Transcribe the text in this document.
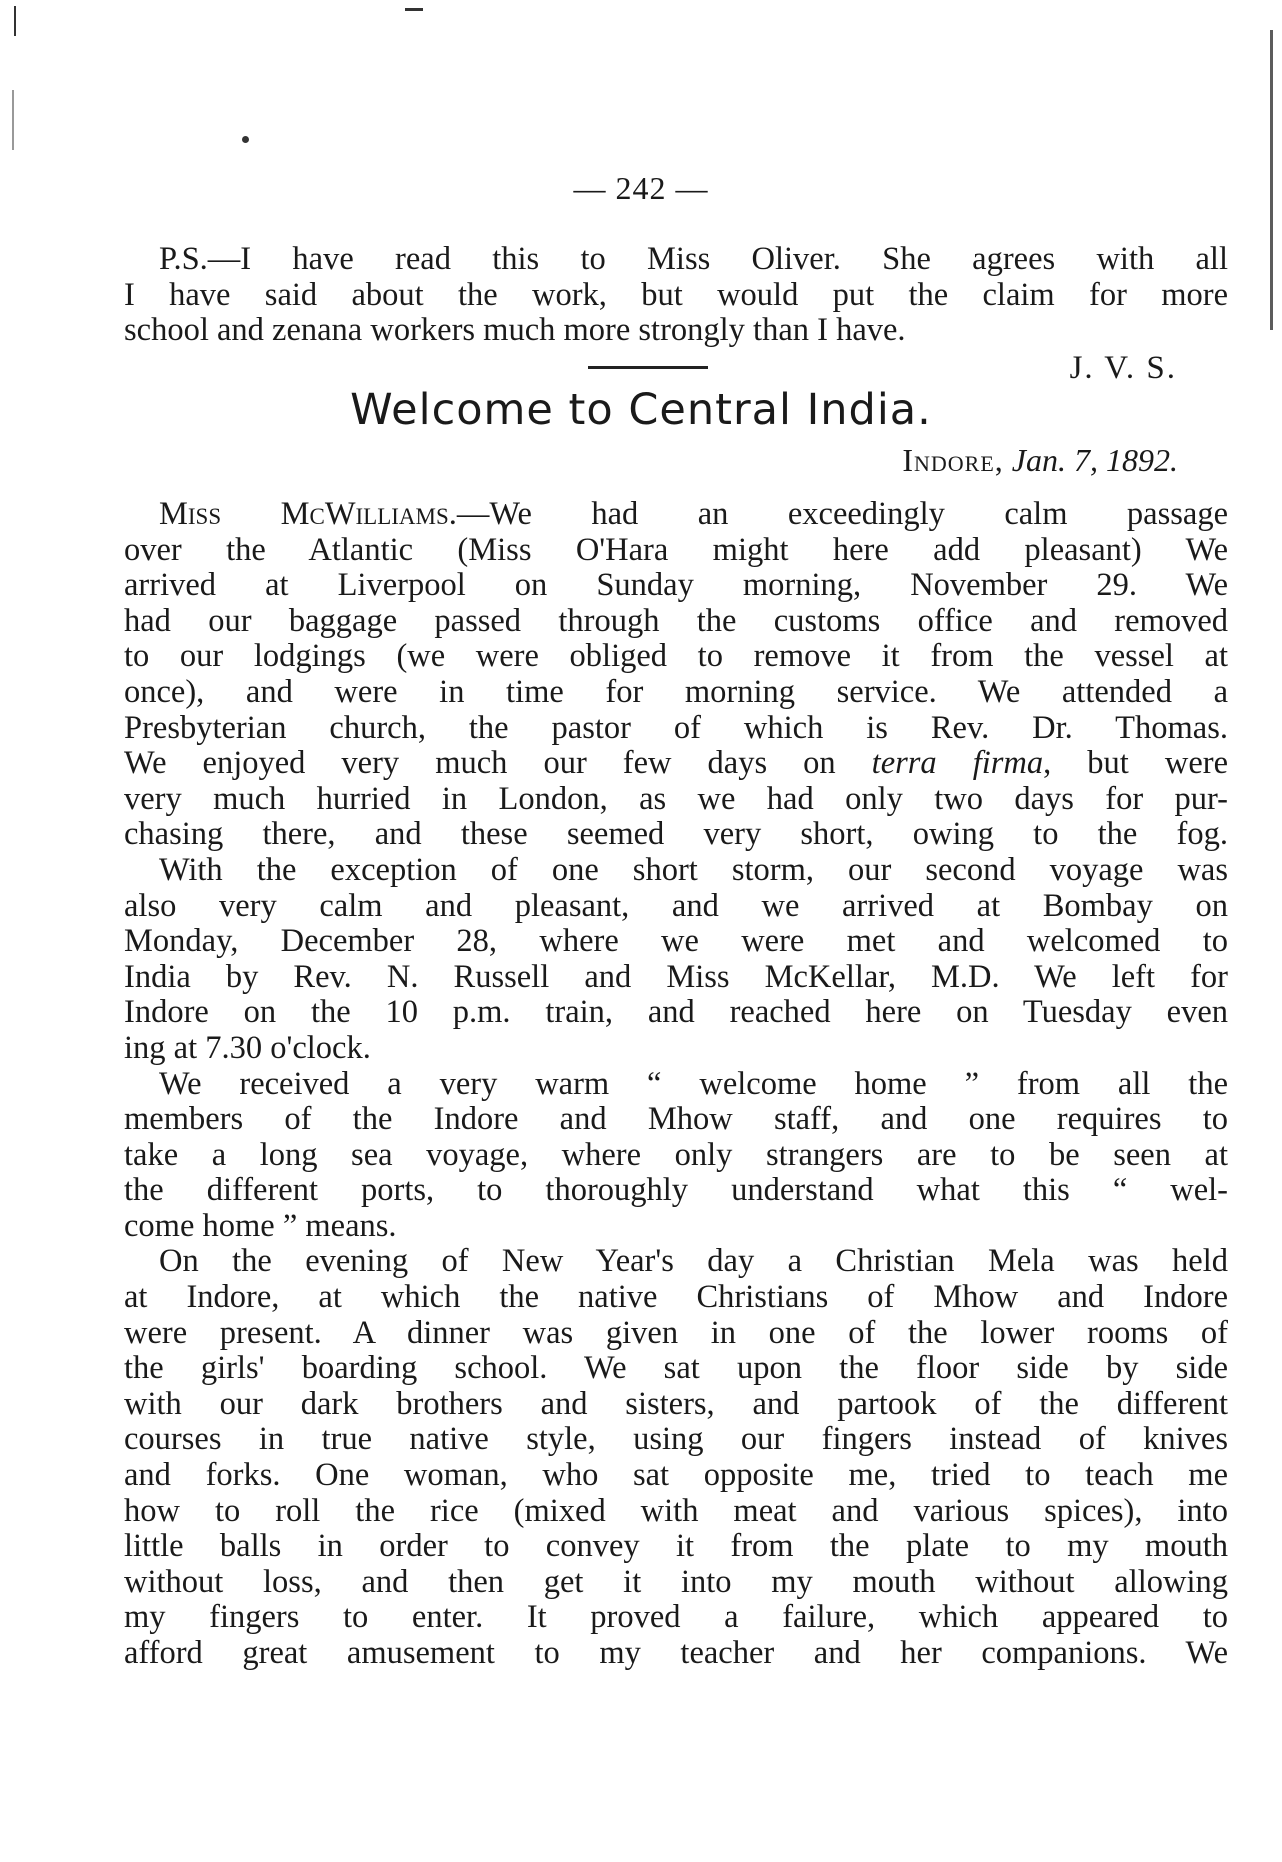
— 242 —
P.S.—I have read this to Miss Oliver. She agrees with all
I have said about the work, but would put the claim for more
school and zenana workers much more strongly than I have.
J. V. S.
Welcome to Central India.
Indore, Jan. 7, 1892.
Miss McWilliams.—We had an exceedingly calm passage
over the Atlantic (Miss O'Hara might here add pleasant) We
arrived at Liverpool on Sunday morning, November 29. We
had our baggage passed through the customs office and removed
to our lodgings (we were obliged to remove it from the vessel at
once), and were in time for morning service. We attended a
Presbyterian church, the pastor of which is Rev. Dr. Thomas.
We enjoyed very much our few days on terra firma, but were
very much hurried in London, as we had only two days for pur-
chasing there, and these seemed very short, owing to the fog.
With the exception of one short storm, our second voyage was
also very calm and pleasant, and we arrived at Bombay on
Monday, December 28, where we were met and welcomed to
India by Rev. N. Russell and Miss McKellar, M.D. We left for
Indore on the 10 p.m. train, and reached here on Tuesday even
ing at 7.30 o'clock.
We received a very warm “ welcome home ” from all the
members of the Indore and Mhow staff, and one requires to
take a long sea voyage, where only strangers are to be seen at
the different ports, to thoroughly understand what this “ wel-
come home ” means.
On the evening of New Year's day a Christian Mela was held
at Indore, at which the native Christians of Mhow and Indore
were present. A dinner was given in one of the lower rooms of
the girls' boarding school. We sat upon the floor side by side
with our dark brothers and sisters, and partook of the different
courses in true native style, using our fingers instead of knives
and forks. One woman, who sat opposite me, tried to teach me
how to roll the rice (mixed with meat and various spices), into
little balls in order to convey it from the plate to my mouth
without loss, and then get it into my mouth without allowing
my fingers to enter. It proved a failure, which appeared to
afford great amusement to my teacher and her companions. We
